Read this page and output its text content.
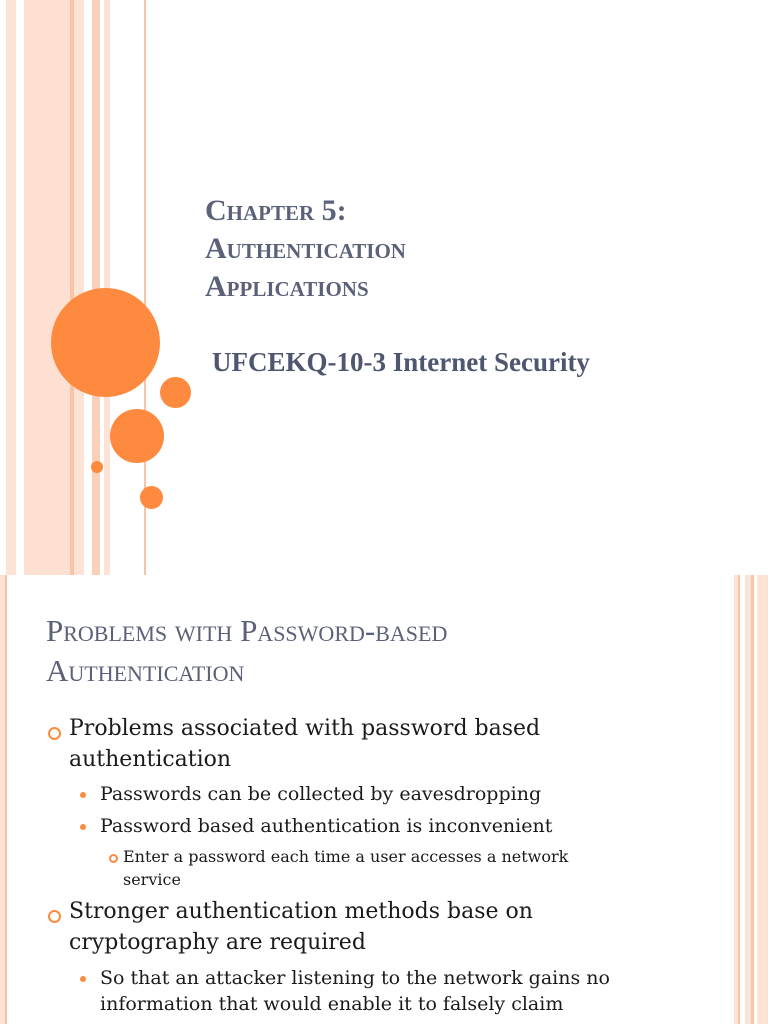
Chapter 5:
Authentication
Applications
UFCEKQ-10-3 Internet Security
Problems with Password-based
Authentication
Problems associated with password based
authentication
Passwords can be collected by eavesdropping
Password based authentication is inconvenient
Enter a password each time a user accesses a network
service
Stronger authentication methods base on
cryptography are required
So that an attacker listening to the network gains no
information that would enable it to falsely claim
